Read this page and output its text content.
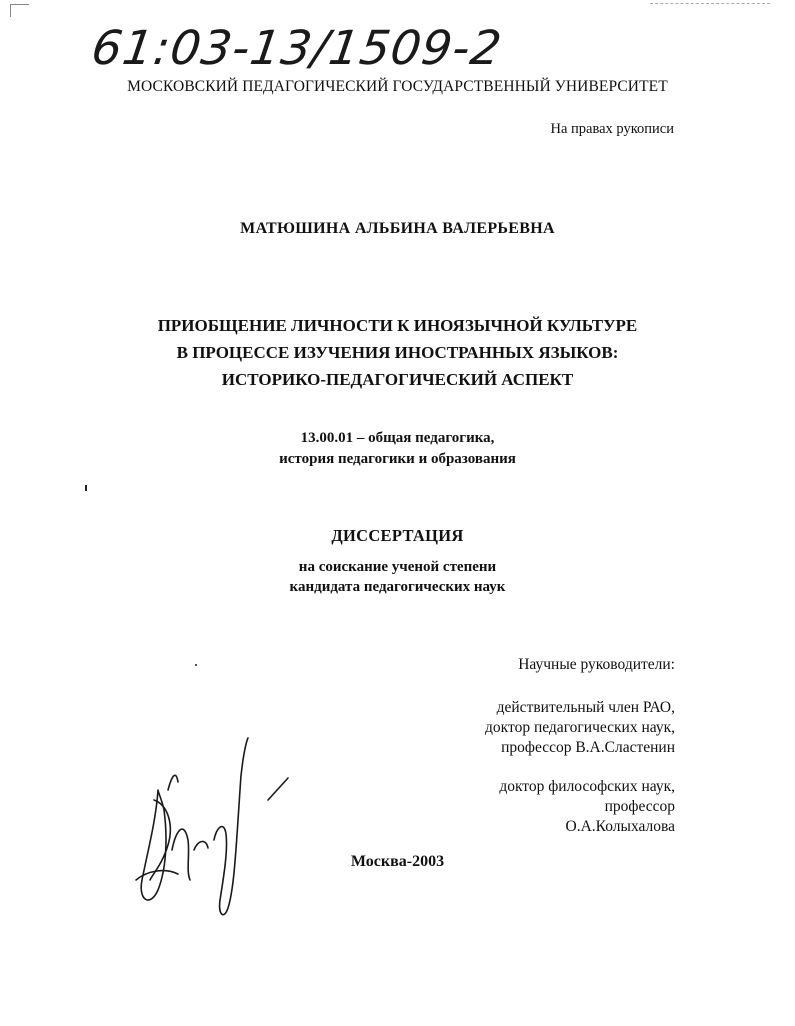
61:03-13/1509-2
МОСКОВСКИЙ ПЕДАГОГИЧЕСКИЙ ГОСУДАРСТВЕННЫЙ УНИВЕРСИТЕТ
На правах рукописи
МАТЮШИНА АЛЬБИНА ВАЛЕРЬЕВНА
ПРИОБЩЕНИЕ ЛИЧНОСТИ К ИНОЯЗЫЧНОЙ КУЛЬТУРЕ
В ПРОЦЕССЕ ИЗУЧЕНИЯ ИНОСТРАННЫХ ЯЗЫКОВ:
ИСТОРИКО-ПЕДАГОГИЧЕСКИЙ АСПЕКТ
13.00.01 – общая педагогика,
история педагогики и образования
ДИССЕРТАЦИЯ
на соискание ученой степени
кандидата педагогических наук
Научные руководители:
действительный член РАО,
доктор педагогических наук,
профессор В.А.Сластенин
доктор философских наук,
профессор
О.А.Колыхалова
Москва-2003
